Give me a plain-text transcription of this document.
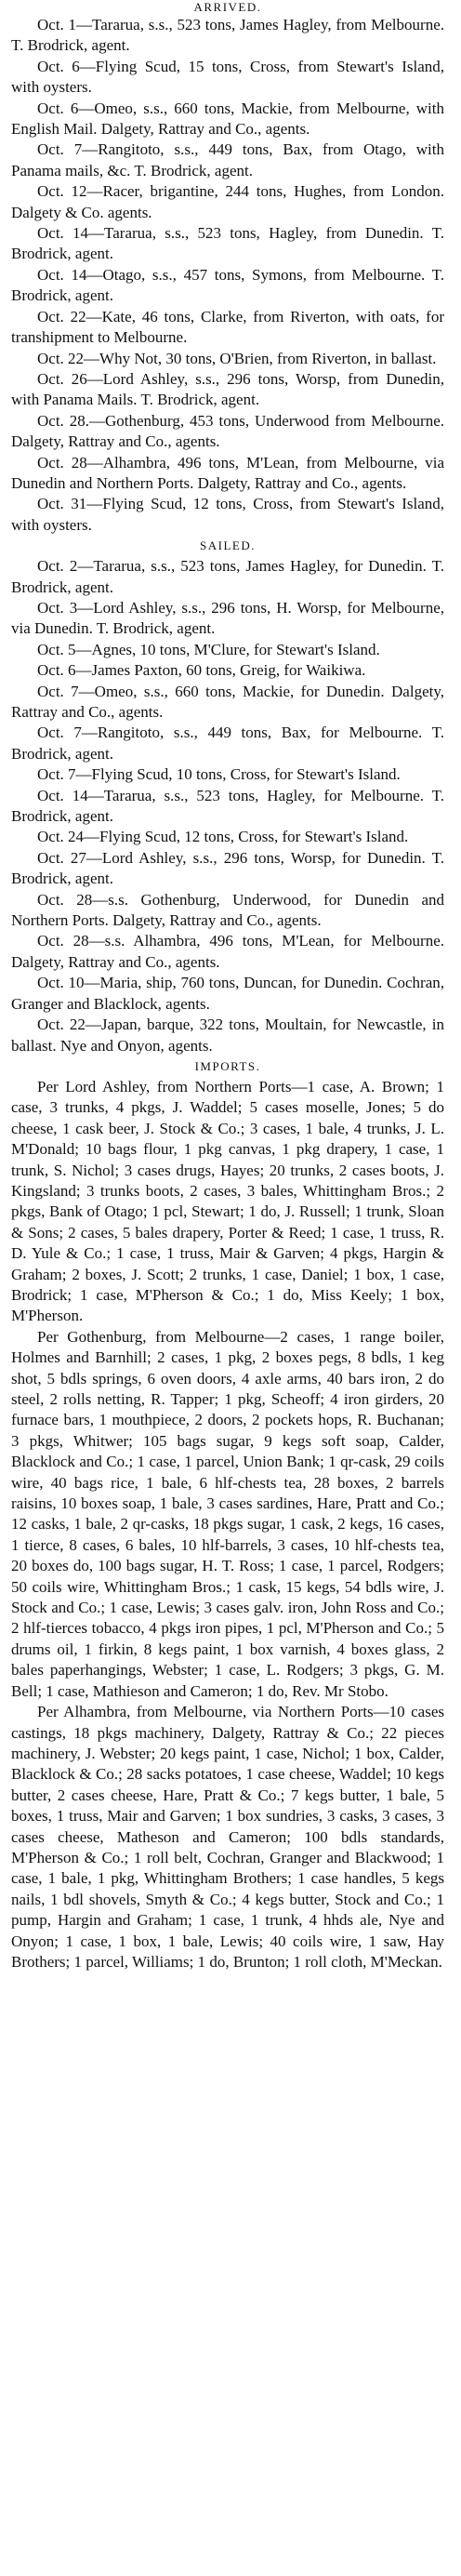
ARRIVED.

Oct. 1—Tararua, s.s., 523 tons, James Hagley, from Melbourne. T. Brodrick, agent.

Oct. 6—Flying Scud, 15 tons, Cross, from Stewart's Island, with oysters.

Oct. 6—Omeo, s.s., 660 tons, Mackie, from Melbourne, with English Mail. Dalgety, Rattray and Co., agents.

Oct. 7—Rangitoto, s.s., 449 tons, Bax, from Otago, with Panama mails, &c. T. Brodrick, agent.

Oct. 12—Racer, brigantine, 244 tons, Hughes, from London. Dalgety & Co. agents.

Oct. 14—Tararua, s.s., 523 tons, Hagley, from Dunedin. T. Brodrick, agent.

Oct. 14—Otago, s.s., 457 tons, Symons, from Melbourne. T. Brodrick, agent.

Oct. 22—Kate, 46 tons, Clarke, from Riverton, with oats, for transhipment to Melbourne.

Oct. 22—Why Not, 30 tons, O'Brien, from Riverton, in ballast.

Oct. 26—Lord Ashley, s.s., 296 tons, Worsp, from Dunedin, with Panama Mails. T. Brodrick, agent.

Oct. 28.—Gothenburg, 453 tons, Underwood from Melbourne. Dalgety, Rattray and Co., agents.

Oct. 28—Alhambra, 496 tons, M'Lean, from Melbourne, via Dunedin and Northern Ports. Dalgety, Rattray and Co., agents.

Oct. 31—Flying Scud, 12 tons, Cross, from Stewart's Island, with oysters.

SAILED.

Oct. 2—Tararua, s.s., 523 tons, James Hagley, for Dunedin. T. Brodrick, agent.

Oct. 3—Lord Ashley, s.s., 296 tons, H. Worsp, for Melbourne, via Dunedin. T. Brodrick, agent.

Oct. 5—Agnes, 10 tons, M'Clure, for Stewart's Island.

Oct. 6—James Paxton, 60 tons, Greig, for Waikiwa.

Oct. 7—Omeo, s.s., 660 tons, Mackie, for Dunedin. Dalgety, Rattray and Co., agents.

Oct. 7—Rangitoto, s.s., 449 tons, Bax, for Melbourne. T. Brodrick, agent.

Oct. 7—Flying Scud, 10 tons, Cross, for Stewart's Island.

Oct. 14—Tararua, s.s., 523 tons, Hagley, for Melbourne. T. Brodrick, agent.

Oct. 24—Flying Scud, 12 tons, Cross, for Stewart's Island.

Oct. 27—Lord Ashley, s.s., 296 tons, Worsp, for Dunedin. T. Brodrick, agent.

Oct. 28—s.s. Gothenburg, Underwood, for Dunedin and Northern Ports. Dalgety, Rattray and Co., agents.

Oct. 28—s.s. Alhambra, 496 tons, M'Lean, for Melbourne. Dalgety, Rattray and Co., agents.

Oct. 10—Maria, ship, 760 tons, Duncan, for Dunedin. Cochran, Granger and Blacklock, agents.

Oct. 22—Japan, barque, 322 tons, Moultain, for Newcastle, in ballast. Nye and Onyon, agents.

IMPORTS.

Per Lord Ashley, from Northern Ports—1 case, A. Brown; 1 case, 3 trunks, 4 pkgs, J. Waddel; 5 cases moselle, Jones; 5 do cheese, 1 cask beer, J. Stock & Co.; 3 cases, 1 bale, 4 trunks, J. L. M'Donald; 10 bags flour, 1 pkg canvas, 1 pkg drapery, 1 case, 1 trunk, S. Nichol; 3 cases drugs, Hayes; 20 trunks, 2 cases boots, J. Kingsland; 3 trunks boots, 2 cases, 3 bales, Whittingham Bros.; 2 pkgs, Bank of Otago; 1 pcl, Stewart; 1 do, J. Russell; 1 trunk, Sloan & Sons; 2 cases, 5 bales drapery, Porter & Reed; 1 case, 1 truss, R. D. Yule & Co.; 1 case, 1 truss, Mair & Garven; 4 pkgs, Hargin & Graham; 2 boxes, J. Scott; 2 trunks, 1 case, Daniel; 1 box, 1 case, Brodrick; 1 case, M'Pherson & Co.; 1 do, Miss Keely; 1 box, M'Pherson.

Per Gothenburg, from Melbourne—2 cases, 1 range boiler, Holmes and Barnhill; 2 cases, 1 pkg, 2 boxes pegs, 8 bdls, 1 keg shot, 5 bdls springs, 6 oven doors, 4 axle arms, 40 bars iron, 2 do steel, 2 rolls netting, R. Tapper; 1 pkg, Scheoff; 4 iron girders, 20 furnace bars, 1 mouthpiece, 2 doors, 2 pockets hops, R. Buchanan; 3 pkgs, Whitwer; 105 bags sugar, 9 kegs soft soap, Calder, Blacklock and Co.; 1 case, 1 parcel, Union Bank; 1 qr-cask, 29 coils wire, 40 bags rice, 1 bale, 6 hlf-chests tea, 28 boxes, 2 barrels raisins, 10 boxes soap, 1 bale, 3 cases sardines, Hare, Pratt and Co.; 12 casks, 1 bale, 2 qr-casks, 18 pkgs sugar, 1 cask, 2 kegs, 16 cases, 1 tierce, 8 cases, 6 bales, 10 hlf-barrels, 3 cases, 10 hlf-chests tea, 20 boxes do, 100 bags sugar, H. T. Ross; 1 case, 1 parcel, Rodgers; 50 coils wire, Whittingham Bros.; 1 cask, 15 kegs, 54 bdls wire, J. Stock and Co.; 1 case, Lewis; 3 cases galv. iron, John Ross and Co.; 2 hlf-tierces tobacco, 4 pkgs iron pipes, 1 pcl, M'Pherson and Co.; 5 drums oil, 1 firkin, 8 kegs paint, 1 box varnish, 4 boxes glass, 2 bales paperhangings, Webster; 1 case, L. Rodgers; 3 pkgs, G. M. Bell; 1 case, Mathieson and Cameron; 1 do, Rev. Mr Stobo.

Per Alhambra, from Melbourne, via Northern Ports—10 cases castings, 18 pkgs machinery, Dalgety, Rattray & Co.; 22 pieces machinery, J. Webster; 20 kegs paint, 1 case, Nichol; 1 box, Calder, Blacklock & Co.; 28 sacks potatoes, 1 case cheese, Waddel; 10 kegs butter, 2 cases cheese, Hare, Pratt & Co.; 7 kegs butter, 1 bale, 5 boxes, 1 truss, Mair and Garven; 1 box sundries, 3 casks, 3 cases, 3 cases cheese, Matheson and Cameron; 100 bdls standards, M'Pherson & Co.; 1 roll belt, Cochran, Granger and Blackwood; 1 case, 1 bale, 1 pkg, Whittingham Brothers; 1 case handles, 5 kegs nails, 1 bdl shovels, Smyth & Co.; 4 kegs butter, Stock and Co.; 1 pump, Hargin and Graham; 1 case, 1 trunk, 4 hhds ale, Nye and Onyon; 1 case, 1 box, 1 bale, Lewis; 40 coils wire, 1 saw, Hay Brothers; 1 parcel, Williams; 1 do, Brunton; 1 roll cloth, M'Meckan.
